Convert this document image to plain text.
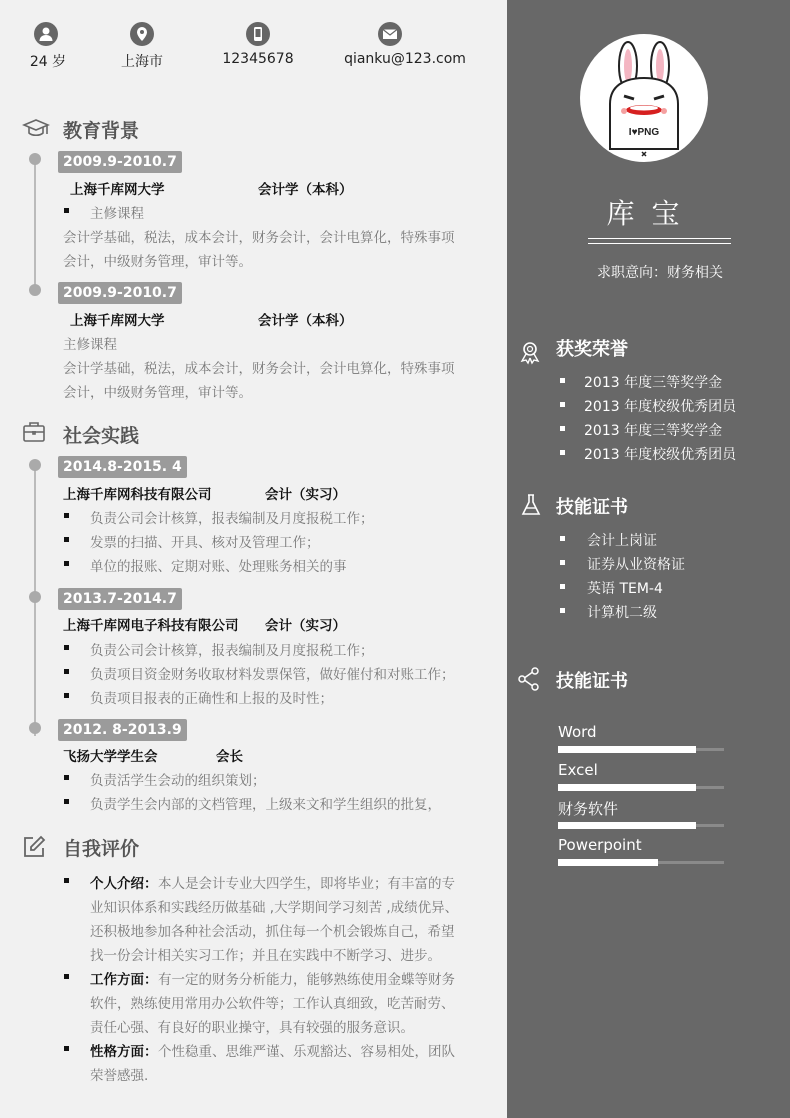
24 岁	上海市	12345678	qianku@123.com
教育背景
2009.9-2010.7
上海千库网大学	会计学（本科）
主修课程
会计学基础，税法，成本会计，财务会计，会计电算化，特殊事项
会计，中级财务管理，审计等。
2009.9-2010.7
上海千库网大学	会计学（本科）
主修课程
会计学基础，税法，成本会计，财务会计，会计电算化，特殊事项
会计，中级财务管理，审计等。
社会实践
2014.8-2015. 4
上海千库网科技有限公司	会计（实习）
负责公司会计核算，报表编制及月度报税工作；
发票的扫描、开具、核对及管理工作；
单位的报账、定期对账、处理账务相关的事
2013.7-2014.7
上海千库网电子科技有限公司 会计（实习）
负责公司会计核算，报表编制及月度报税工作；
负责项目资金财务收取材料发票保管，做好催付和对账工作；
负责项目报表的正确性和上报的及时性；
2012. 8-2013.9
飞扬大学学生会	会长
负责活学生会动的组织策划；
负责学生会内部的文档管理，上级来文和学生组织的批复，
自我评价
个人介绍： 本人是会计专业大四学生，即将毕业；有丰富的专
业知识体系和实践经历做基础 ,大学期间学习刻苦 ,成绩优异、
还积极地参加各种社会活动，抓住每一个机会锻炼自己，希望
找一份会计相关实习工作；并且在实践中不断学习、进步。
工作方面： 有一定的财务分析能力，能够熟练使用金蝶等财务
软件，熟练使用常用办公软件等；工作认真细致，吃苦耐劳、
责任心强、有良好的职业操守，具有较强的服务意识。
性格方面： 个性稳重、思维严谨、乐观豁达、容易相处，团队
荣誉感强.
I♥PNG
库 宝
求职意向：财务相关
获奖荣誉
2013 年度三等奖学金
2013 年度校级优秀团员
2013 年度三等奖学金
2013 年度校级优秀团员
技能证书
会计上岗证
证券从业资格证
英语 TEM-4
计算机二级
技能证书
Word
Excel
财务软件
Powerpoint
